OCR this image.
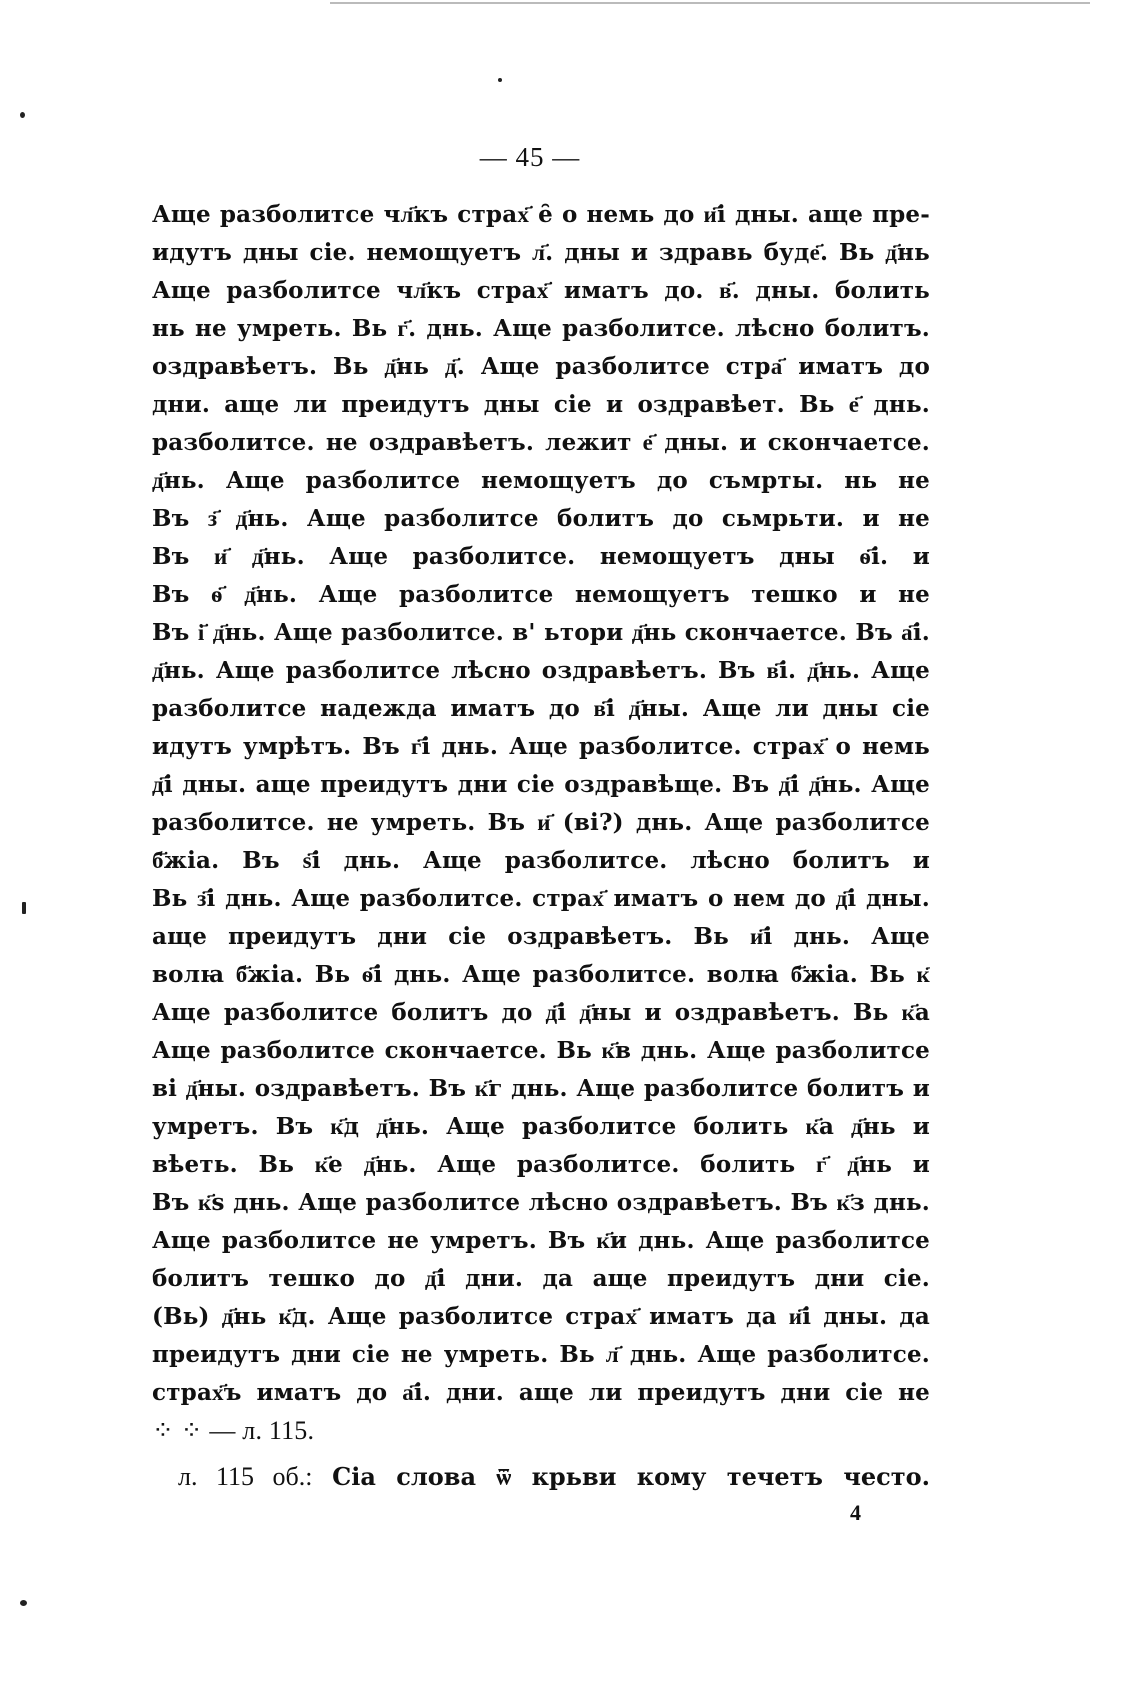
— 45 —
Аще разболитсе чл҃къ страх҃ е̑ о немь до и҃і дны. аще пре-
идутъ дны сіе. немощуетъ л҃. дны и здравь буде҃. Вь д҃нь
Аще разболитсе чл҃къ страх҃ иматъ до. в҃. дны. болить
нь не умреть. Вь г҃. днь. Аще разболитсе. лѣсно болитъ.
оздравѣетъ. Вь д҃нь д҃. Аще разболитсе стра҃ иматъ до
дни. аще ли преидутъ дны сіе и оздравѣет. Вь е҃ днь.
разболитсе. не оздравѣетъ. лежит е҃ дны. и скончаетсе.
д҃нь. Аще разболитсе немощуетъ до съмрты. нь не
Въ з҃ д҃нь. Аще разболитсе болитъ до сьмрьти. и не
Въ и҃ д҃нь. Аще разболитсе. немощуетъ дны ѳ҃і. и
Въ ѳ҃ д҃нь. Аще разболитсе немощуетъ тешко и не
Въ і҃ д҃нь. Аще разболитсе. в' ьтори д҃нь скончаетсе. Въ а҃і.
д҃нь. Аще разболитсе лѣсно оздравѣетъ. Въ в҃і. д҃нь. Аще
разболитсе надежда иматъ до в҃і д҃ны. Аще ли дны сіе
идутъ умрѣтъ. Въ г҃і днь. Аще разболитсе. страх҃ о немь
д҃і дны. аще преидутъ дни сіе оздравѣще. Въ д҃і д҃нь. Аще
разболитсе. не умреть. Въ и҃ (ві?) днь. Аще разболитсе
б҃жіа. Въ ѕ҃і днь. Аще разболитсе. лѣсно болитъ и
Вь з҃і днь. Аще разболитсе. страх҃ иматъ о нем до д҃і дны.
аще преидутъ дни сіе оздравѣетъ. Вь и҃і днь. Аще
волꙗ б҃жіа. Вь ѳ҃і днь. Аще разболитсе. волꙗ б҃жіа. Вь к҃
Аще разболитсе болитъ до д҃і д҃ны и оздравѣетъ. Вь к҃а
Аще разболитсе скончаетсе. Вь к҃в днь. Аще разболитсе
ві д҃ны. оздравѣетъ. Въ к҃г днь. Аще разболитсе болитъ и
умретъ. Въ к҃д д҃нь. Аще разболитсе болить к҃а д҃нь и
вѣеть. Вь к҃е д҃нь. Аще разболитсе. болить г҃ д҃нь и
Въ к҃ѕ днь. Аще разболитсе лѣсно оздравѣетъ. Въ к҃з днь.
Аще разболитсе не умретъ. Въ к҃и днь. Аще разболитсе
болитъ тешко до д҃і дни. да аще преидутъ дни сіе.
(Вь) д҃нь к҃д. Аще разболитсе страх҃ иматъ да и҃і дны. да
преидутъ дни сіе не умреть. Вь л҃ днь. Аще разболитсе.
страх҃ъ иматъ до а҃і. дни. аще ли преидутъ дни сіе не
⁘ ⁘ — л. 115.
л. 115 об.: Сіа слова ѿ крьви кому течетъ често.
4
